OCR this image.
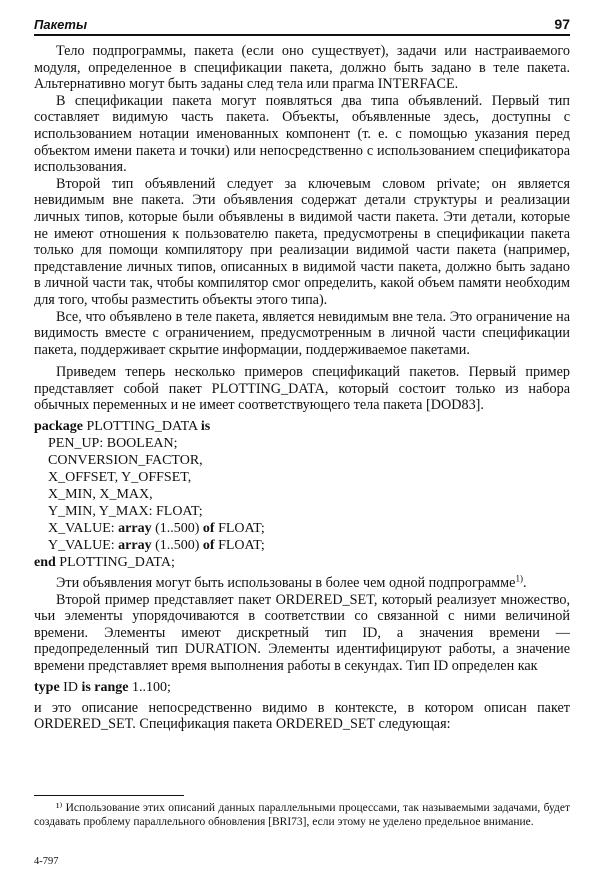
Пакеты	97

Тело подпрограммы, пакета (если оно существует), задачи или настраиваемого модуля, определенное в спецификации пакета, должно быть задано в теле пакета. Альтернативно могут быть заданы след тела или прагма INTERFACE.

В спецификации пакета могут появляться два типа объявлений. Первый тип составляет видимую часть пакета. Объекты, объявленные здесь, доступны с использованием нотации именованных компонент (т. е. с помощью указания перед объектом имени пакета и точки) или непосредственно с использованием спецификатора использования.

Второй тип объявлений следует за ключевым словом private; он является невидимым вне пакета. Эти объявления содержат детали структуры и реализации личных типов, которые были объявлены в видимой части пакета. Эти детали, которые не имеют отношения к пользователю пакета, предусмотрены в спецификации пакета только для помощи компилятору при реализации видимой части пакета (например, представление личных типов, описанных в видимой части пакета, должно быть задано в личной части так, чтобы компилятор смог определить, какой объем памяти необходим для того, чтобы разместить объекты этого типа).

Все, что объявлено в теле пакета, является невидимым вне тела. Это ограничение на видимость вместе с ограничением, предусмотренным в личной части спецификации пакета, поддерживает скрытие информации, поддерживаемое пакетами.

Приведем теперь несколько примеров спецификаций пакетов. Первый пример представляет собой пакет PLOTTING_DATA, который состоит только из набора обычных переменных и не имеет соответствующего тела пакета [DOD83].

package PLOTTING_DATA is
PEN_UP: BOOLEAN;
CONVERSION_FACTOR,
X_OFFSET, Y_OFFSET,
X_MIN, X_MAX,
Y_MIN, Y_MAX: FLOAT;
X_VALUE: array (1..500) of FLOAT;
Y_VALUE: array (1..500) of FLOAT;
end PLOTTING_DATA;

Эти объявления могут быть использованы в более чем одной подпрограмме$^{1)}$.

Второй пример представляет пакет ORDERED_SET, который реализует множество, чьи элементы упорядочиваются в соответствии со связанной с ними величиной времени. Элементы имеют дискретный тип ID, а значения времени — предопределенный тип DURATION. Элементы идентифицируют работы, а значение времени представляет время выполнения работы в секундах. Тип ID определен как

type ID is range 1..100;

и это описание непосредственно видимо в контексте, в котором описан пакет ORDERED_SET. Спецификация пакета ORDERED_SET следующая:

¹⁾ Использование этих описаний данных параллельными процессами, так называемыми задачами, будет создавать проблему параллельного обновления [BRI73], если этому не уделено предельное внимание.
4-797
